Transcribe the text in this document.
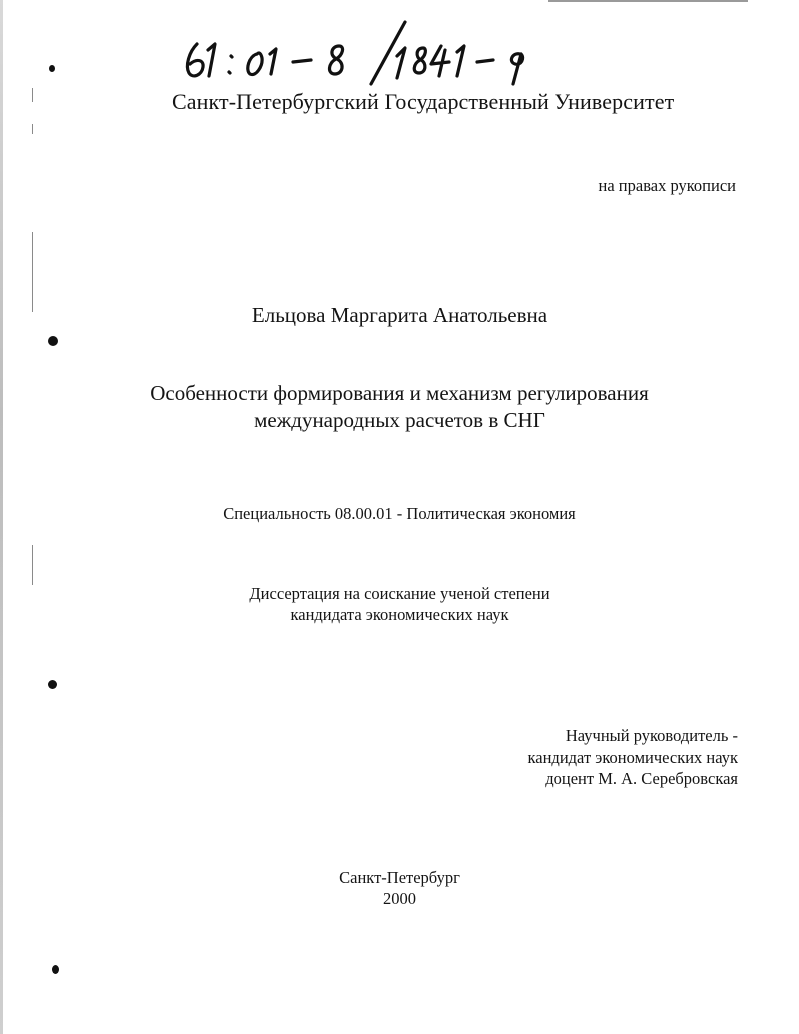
Санкт-Петербургский Государственный Университет
на правах рукописи
Ельцова Маргарита Анатольевна
Особенности формирования и механизм регулирования
международных расчетов в СНГ
Специальность 08.00.01 - Политическая экономия
Диссертация на соискание ученой степени
кандидата экономических наук
Научный руководитель -
кандидат экономических наук
доцент М. А. Серебровская
Санкт-Петербург
2000
